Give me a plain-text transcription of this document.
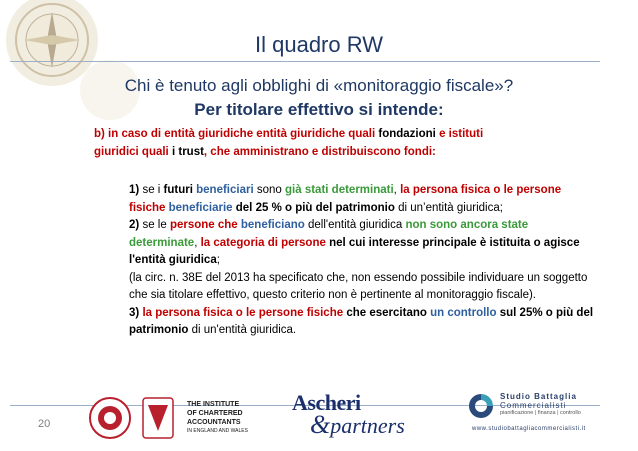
Il quadro RW
Chi è tenuto agli obblighi di «monitoraggio fiscale»?
Per titolare effettivo si intende:
b) in caso di entità giuridiche entità giuridiche quali fondazioni e istituti
giuridici quali i trust, che amministrano e distribuiscono fondi:

1) se i futuri beneficiari sono già stati determinati, la persona fisica o le persone fisiche beneficiarie del 25 % o più del patrimonio di un’entità giuridica;

2) se le persone che beneficiano dell'entità giuridica non sono ancora state determinate, la categoria di persone nel cui interesse principale è istituita o agisce l'entità giuridica;
(la circ. n. 38E del 2013 ha specificato che, non essendo possibile individuare un soggetto che sia titolare effettivo, questo criterio non è pertinente al monitoraggio fiscale).

3) la persona fisica o le persone fisiche che esercitano un controllo sul 25% o più del patrimonio di un'entità giuridica.

20
THE INSTITUTE
OF CHARTERED
ACCOUNTANTS
IN ENGLAND AND WALES
Ascheri
&partners
Studio Battaglia
Commercialisti
pianificazione | finanza | controllo
www.studiobattagliacommercialisti.it
